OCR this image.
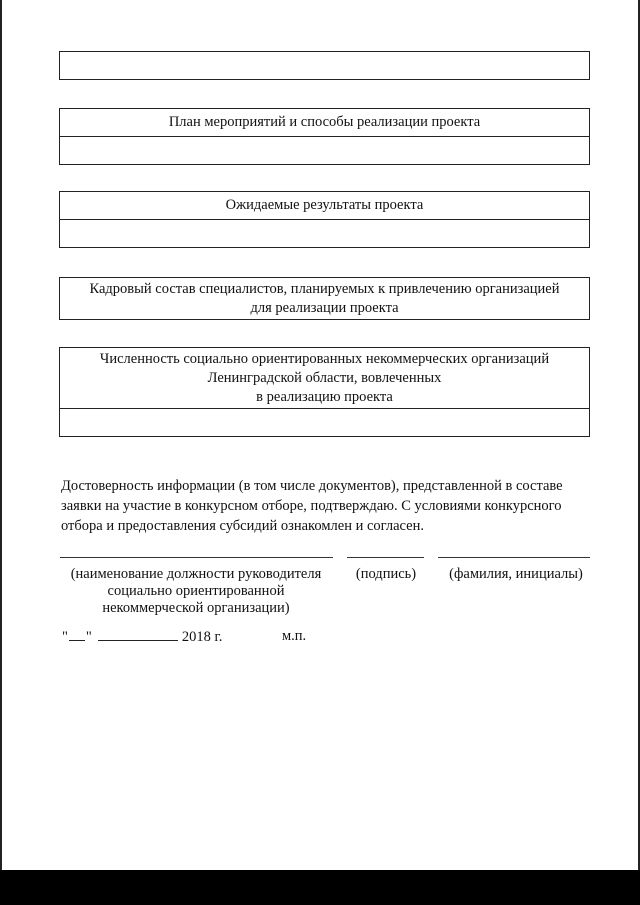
План мероприятий и способы реализации проекта
Ожидаемые результаты проекта
Кадровый состав специалистов, планируемых к привлечению организацией
для реализации проекта
Численность социально ориентированных некоммерческих организаций
Ленинградской области, вовлеченных
в реализацию проекта
Достоверность информации (в том числе документов), представленной в составе
заявки на участие в конкурсном отборе, подтверждаю. С условиями конкурсного
отбора и предоставления субсидий ознакомлен и согласен.
(наименование должности руководителя
социально ориентированной
некоммерческой организации)
(подпись)	(фамилия, инициалы)
" "	2018 г.	м.п.
